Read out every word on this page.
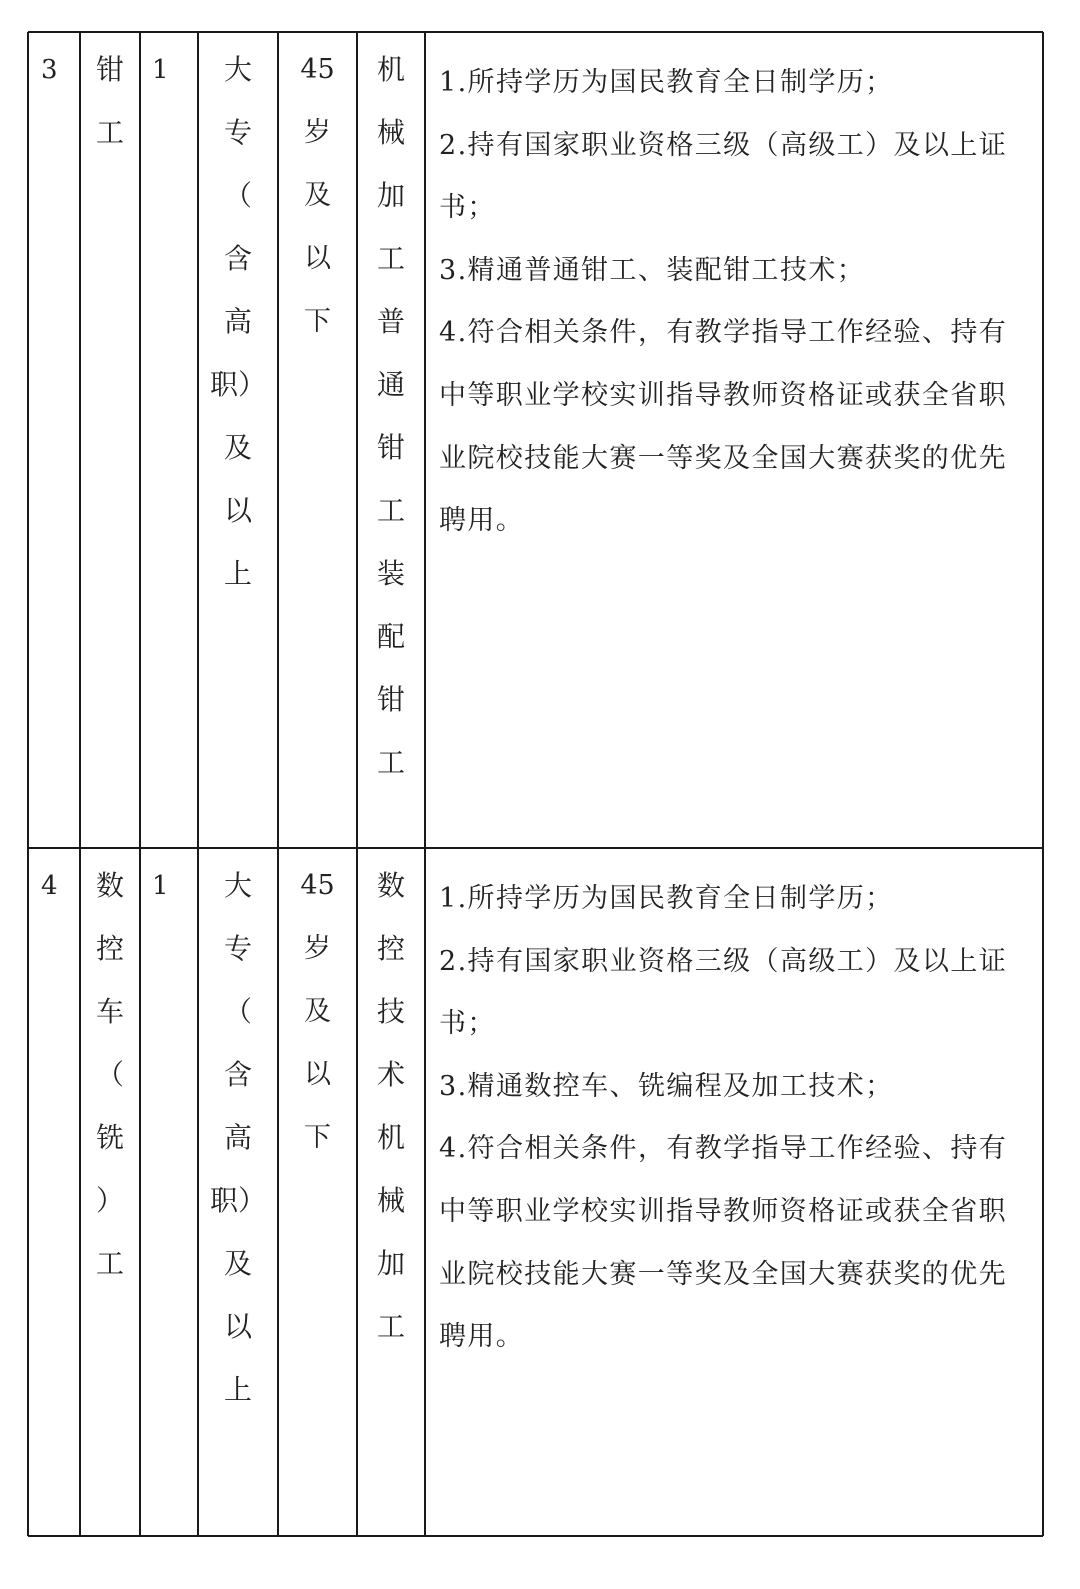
3 钳
工
1 大
专
（
含
高
职）
及
以
上
45
岁
及
以
下
机
械
加
工
普
通
钳
工
装
配
钳
工
1.所持学历为国民教育全日制学历；
2.持有国家职业资格三级（高级工）及以上证书；
3.精通普通钳工、装配钳工技术；
4.符合相关条件，有教学指导工作经验、持有中等职业学校实训指导教师资格证或获全省职业院校技能大赛一等奖及全国大赛获奖的优先聘用。
4 数
控
车
（
铣
）
工
1 大
专
（
含
高
职）
及
以
上
45
岁
及
以
下
数
控
技
术
机
械
加
工
1.所持学历为国民教育全日制学历；
2.持有国家职业资格三级（高级工）及以上证书；
3.精通数控车、铣编程及加工技术；
4.符合相关条件，有教学指导工作经验、持有中等职业学校实训指导教师资格证或获全省职业院校技能大赛一等奖及全国大赛获奖的优先聘用。
